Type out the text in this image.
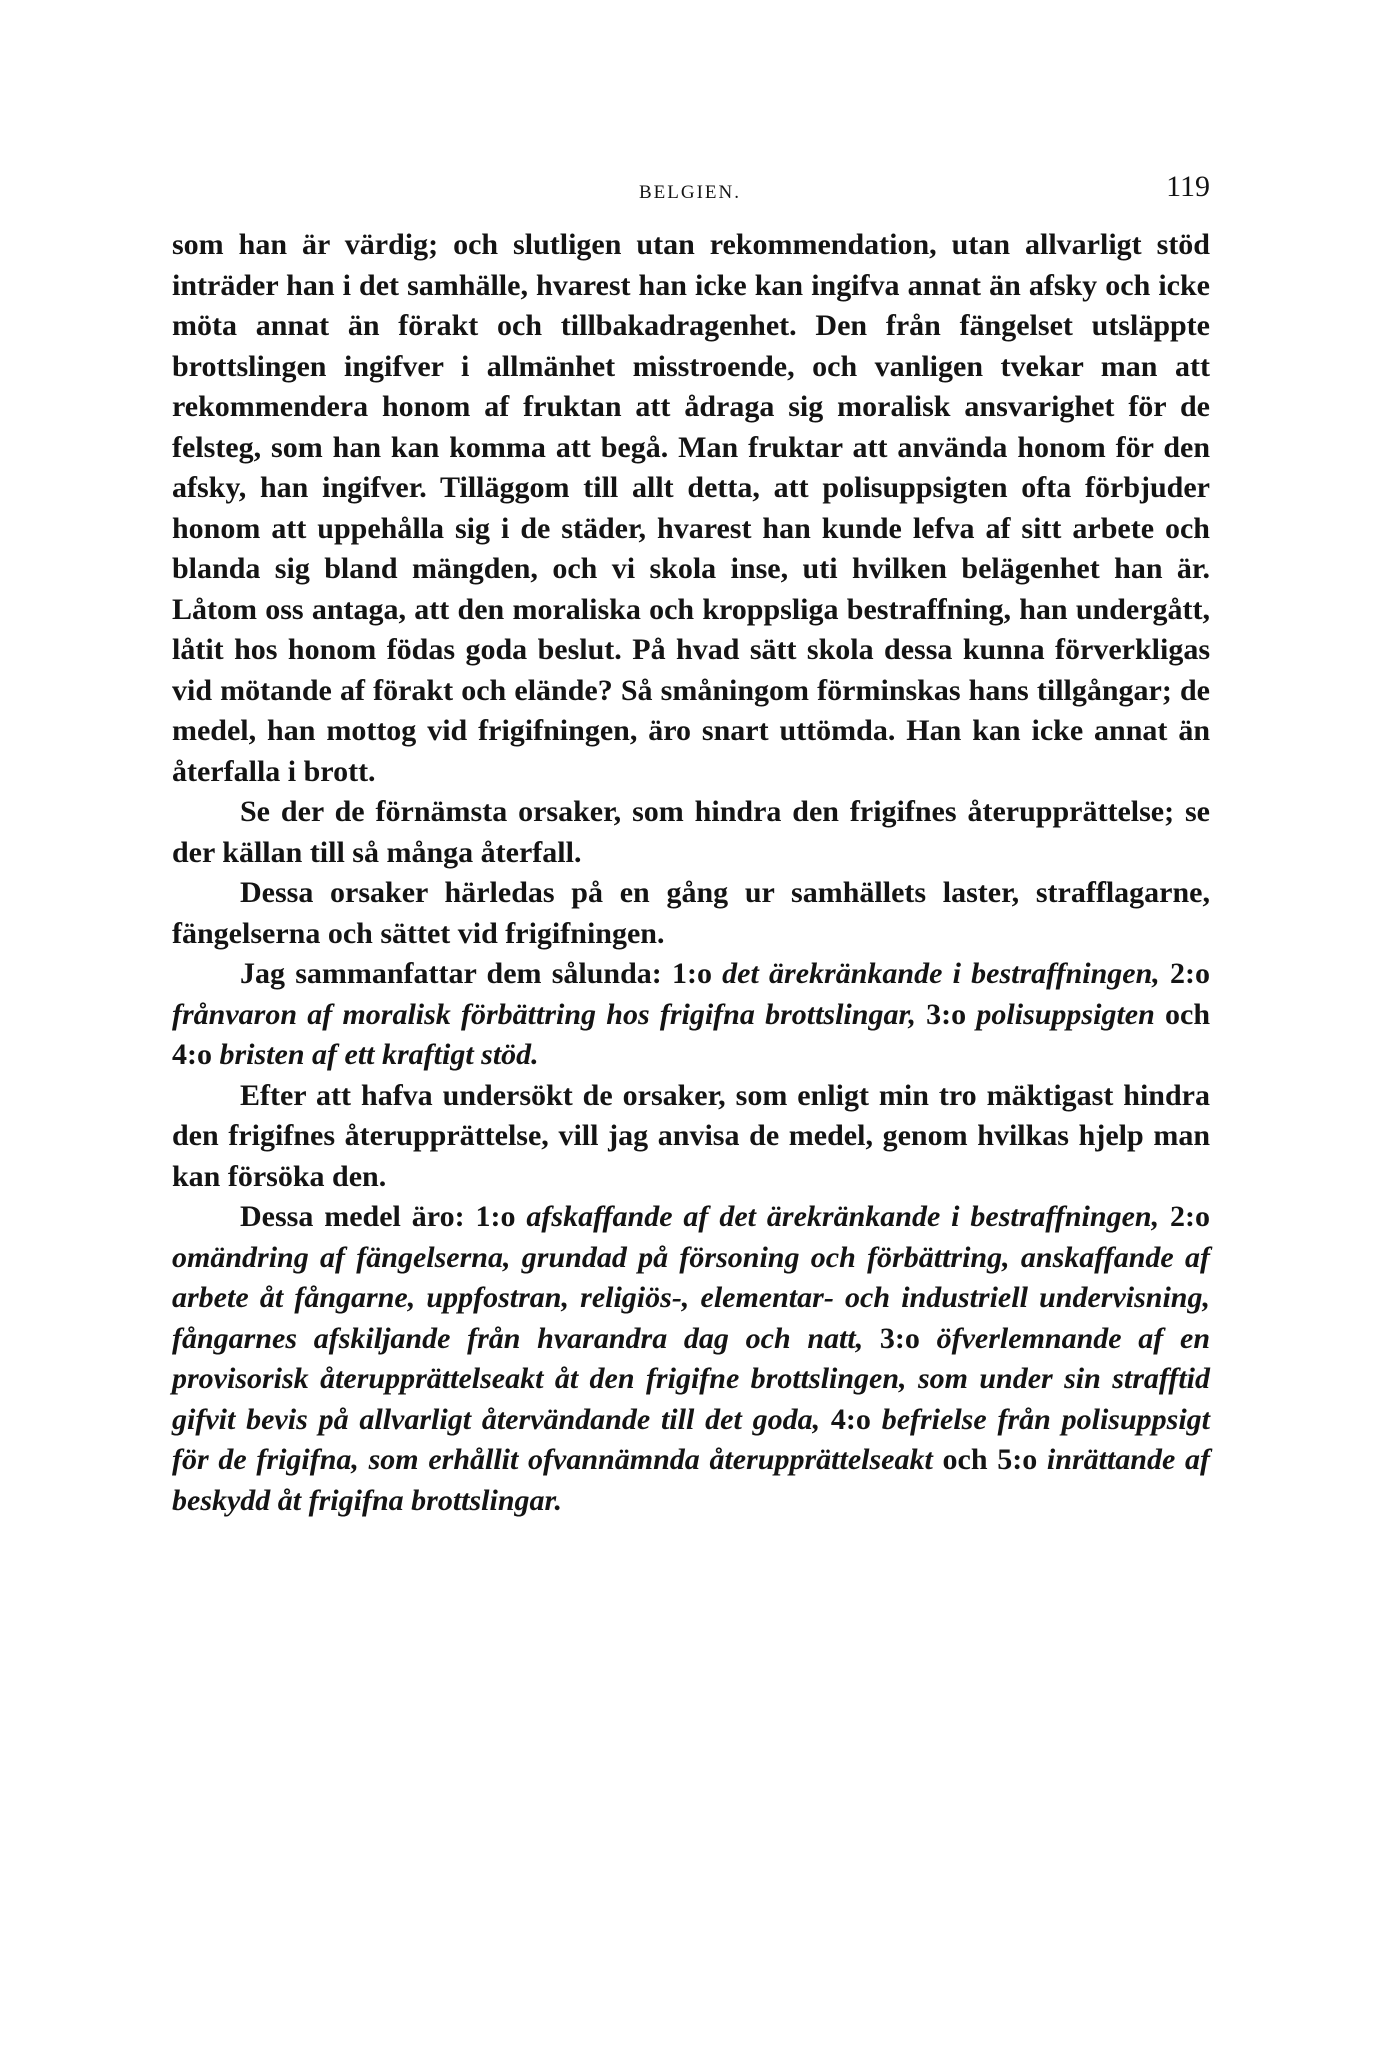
BELGIEN.	119

som han är värdig; och slutligen utan rekommendation, utan allvarligt stöd inträder han i det samhälle, hvarest han icke kan ingifva annat än afsky och icke möta annat än förakt och tillbakadragenhet. Den från fängelset utsläppte brottslingen ingifver i allmänhet misstroende, och vanligen tvekar man att rekommendera honom af fruktan att ådraga sig moralisk ansvarighet för de felsteg, som han kan komma att begå. Man fruktar att använda honom för den afsky, han ingifver. Tilläggom till allt detta, att polisuppsigten ofta förbjuder honom att uppehålla sig i de städer, hvarest han kunde lefva af sitt arbete och blanda sig bland mängden, och vi skola inse, uti hvilken belägenhet han är. Låtom oss antaga, att den moraliska och kroppsliga bestraffning, han undergått, låtit hos honom födas goda beslut. På hvad sätt skola dessa kunna förverkligas vid mötande af förakt och elände? Så småningom förminskas hans tillgångar; de medel, han mottog vid frigifningen, äro snart uttömda. Han kan icke annat än återfalla i brott.

Se der de förnämsta orsaker, som hindra den frigifnes återupprättelse; se der källan till så många återfall.

Dessa orsaker härledas på en gång ur samhällets laster, strafflagarne, fängelserna och sättet vid frigifningen.

Jag sammanfattar dem sålunda: 1:o det ärekränkande i bestraffningen, 2:o frånvaron af moralisk förbättring hos frigifna brottslingar, 3:o polisuppsigten och 4:o bristen af ett kraftigt stöd.

Efter att hafva undersökt de orsaker, som enligt min tro mäktigast hindra den frigifnes återupprättelse, vill jag anvisa de medel, genom hvilkas hjelp man kan försöka den.

Dessa medel äro: 1:o afskaffande af det ärekränkande i bestraffningen, 2:o omändring af fängelserna, grundad på försoning och förbättring, anskaffande af arbete åt fångarne, uppfostran, religiös-, elementar- och industriell undervisning, fångarnes afskiljande från hvarandra dag och natt, 3:o öfverlemnande af en provisorisk återupprättelseakt åt den frigifne brottslingen, som under sin strafftid gifvit bevis på allvarligt återvändande till det goda, 4:o befrielse från polisuppsigt för de frigifna, som erhållit ofvannämnda återupprättelseakt och 5:o inrättande af beskydd åt frigifna brottslingar.
